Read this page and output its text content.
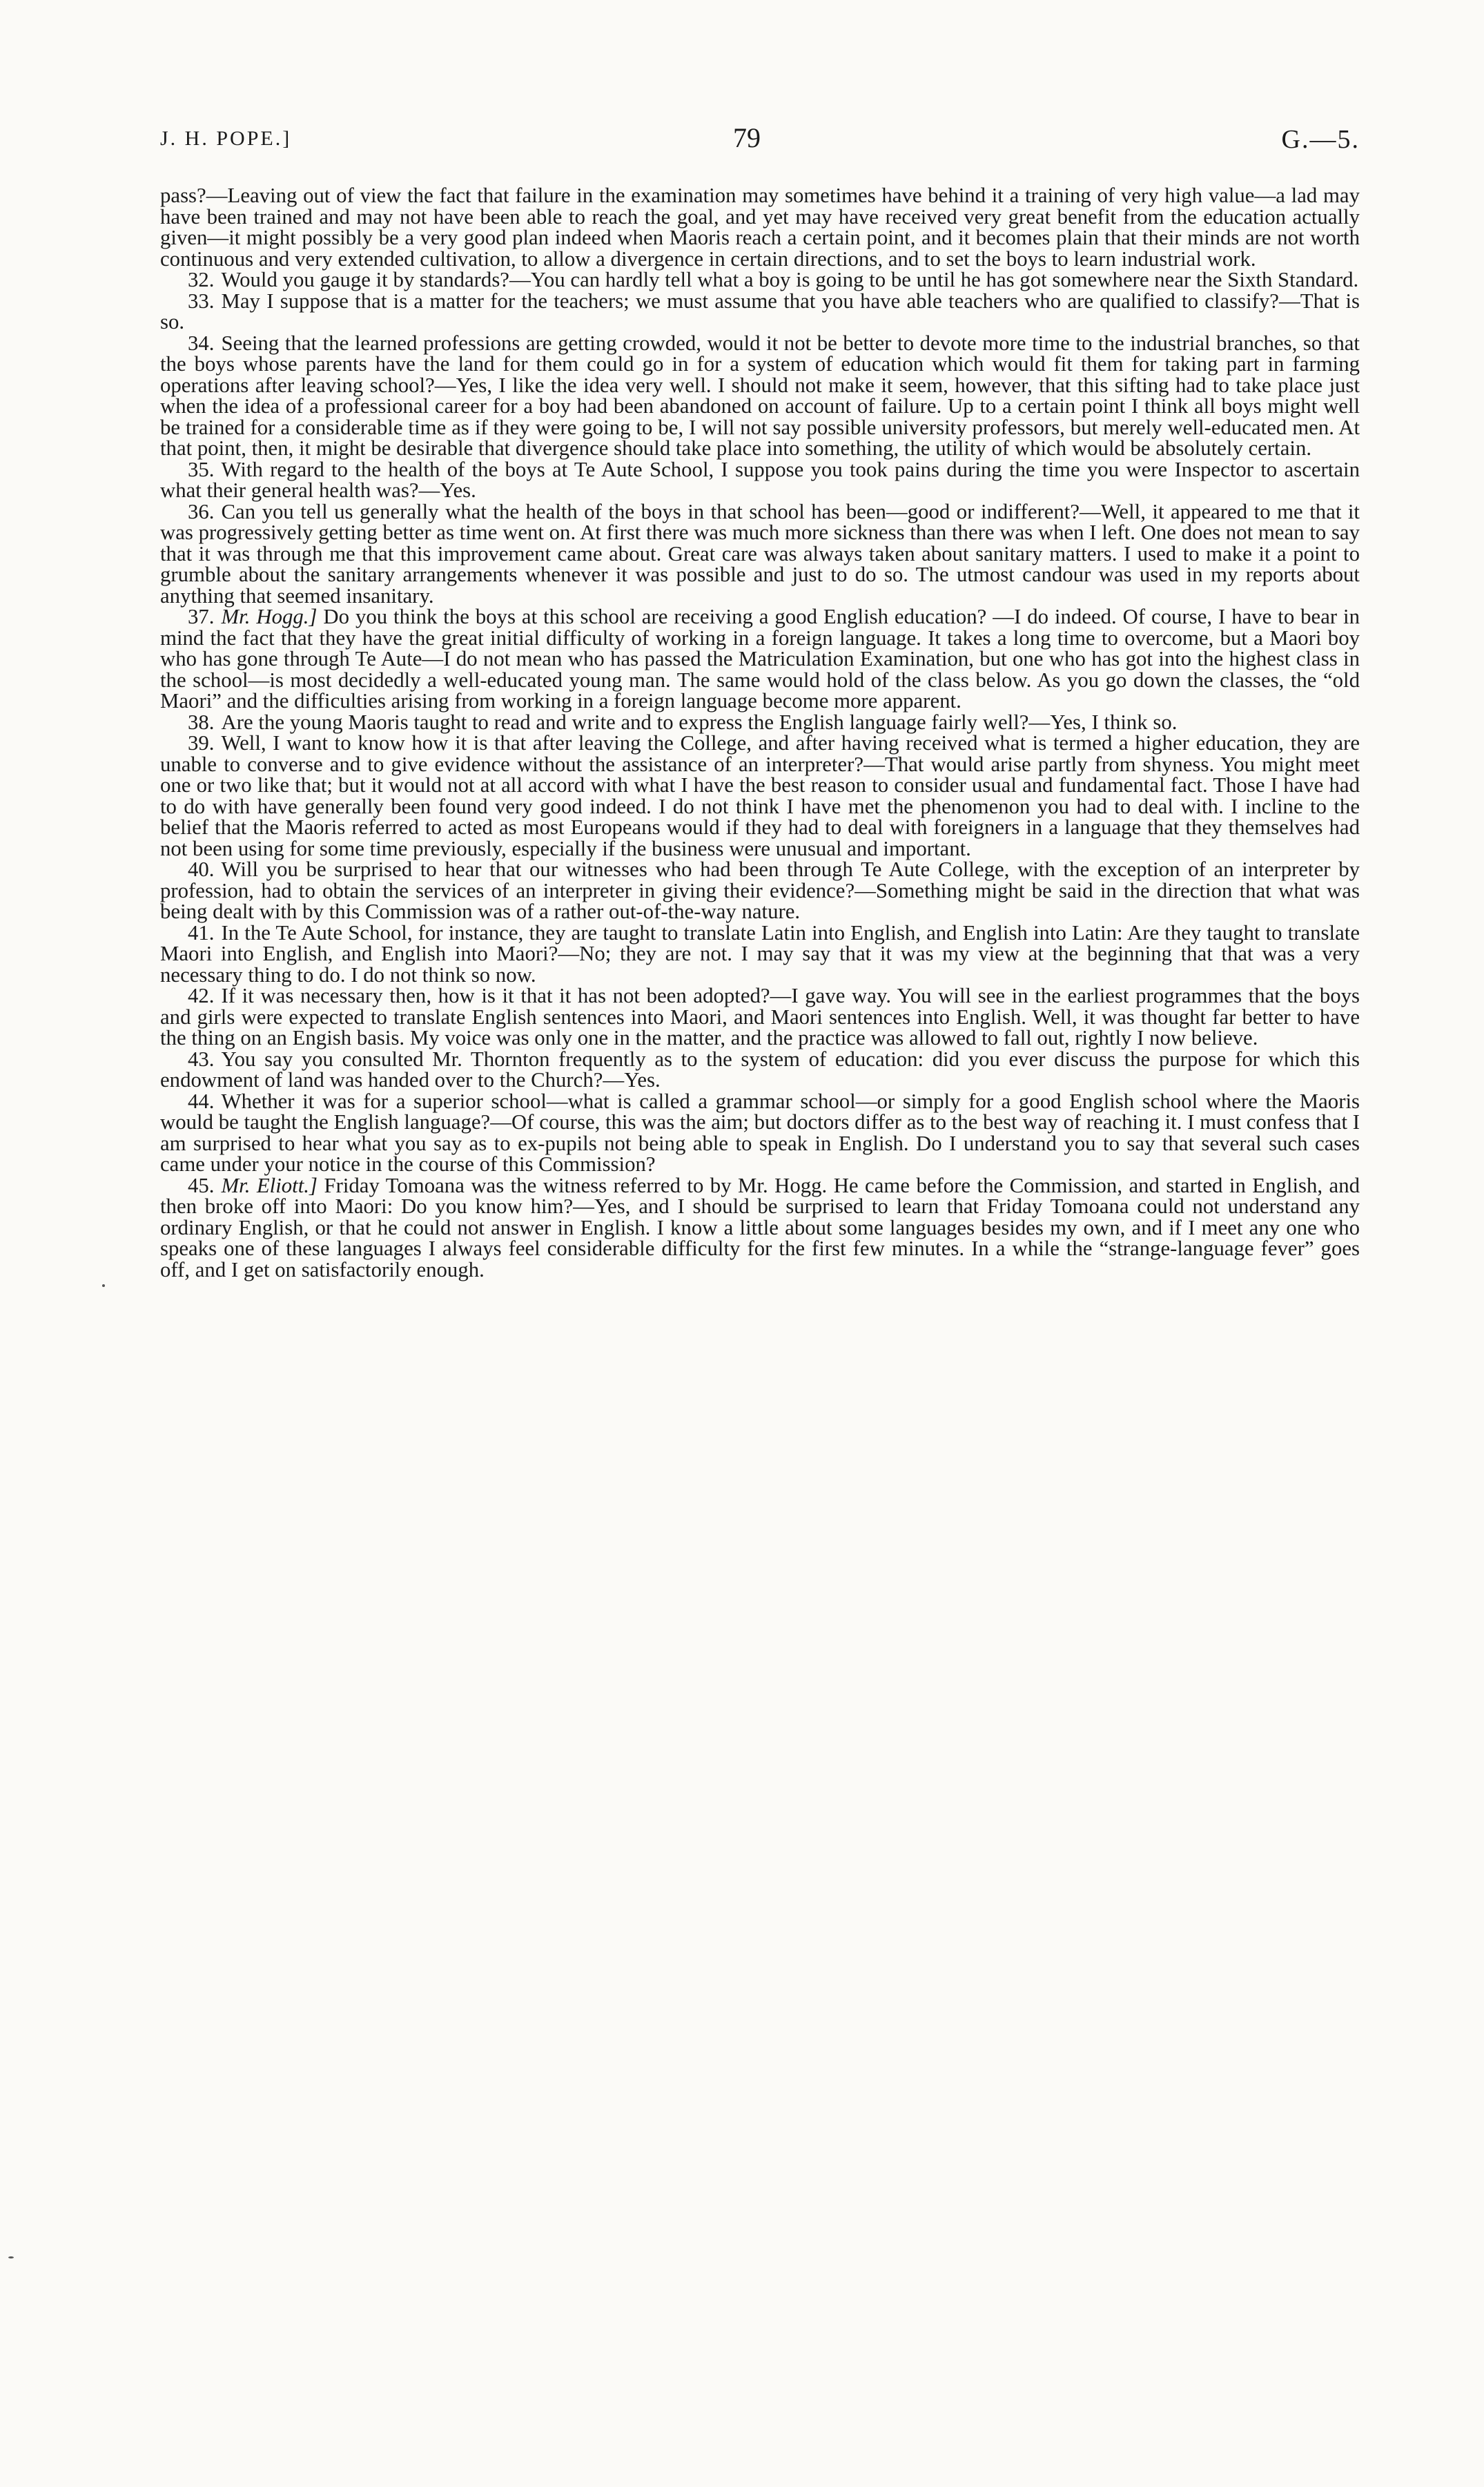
J. H. POPE.]	79	G.—5.

pass?—Leaving out of view the fact that failure in the examination may sometimes have behind it a training of very high value—a lad may have been trained and may not have been able to reach the goal, and yet may have received very great benefit from the education actually given—it might possibly be a very good plan indeed when Maoris reach a certain point, and it becomes plain that their minds are not worth continuous and very extended cultivation, to allow a divergence in certain directions, and to set the boys to learn industrial work.

32. Would you gauge it by standards?—You can hardly tell what a boy is going to be until he has got somewhere near the Sixth Standard.

33. May I suppose that is a matter for the teachers; we must assume that you have able teachers who are qualified to classify?—That is so.

34. Seeing that the learned professions are getting crowded, would it not be better to devote more time to the industrial branches, so that the boys whose parents have the land for them could go in for a system of education which would fit them for taking part in farming operations after leaving school?—Yes, I like the idea very well. I should not make it seem, however, that this sifting had to take place just when the idea of a professional career for a boy had been abandoned on account of failure. Up to a certain point I think all boys might well be trained for a considerable time as if they were going to be, I will not say possible university professors, but merely well-educated men. At that point, then, it might be desirable that divergence should take place into something, the utility of which would be absolutely certain.

35. With regard to the health of the boys at Te Aute School, I suppose you took pains during the time you were Inspector to ascertain what their general health was?—Yes.

36. Can you tell us generally what the health of the boys in that school has been—good or indifferent?—Well, it appeared to me that it was progressively getting better as time went on. At first there was much more sickness than there was when I left. One does not mean to say that it was through me that this improvement came about. Great care was always taken about sanitary matters. I used to make it a point to grumble about the sanitary arrangements whenever it was possible and just to do so. The utmost candour was used in my reports about anything that seemed insanitary.

37. Mr. Hogg.] Do you think the boys at this school are receiving a good English education? —I do indeed. Of course, I have to bear in mind the fact that they have the great initial difficulty of working in a foreign language. It takes a long time to overcome, but a Maori boy who has gone through Te Aute—I do not mean who has passed the Matriculation Examination, but one who has got into the highest class in the school—is most decidedly a well-educated young man. The same would hold of the class below. As you go down the classes, the “old Maori” and the difficulties arising from working in a foreign language become more apparent.

38. Are the young Maoris taught to read and write and to express the English language fairly well?—Yes, I think so.

39. Well, I want to know how it is that after leaving the College, and after having received what is termed a higher education, they are unable to converse and to give evidence without the assistance of an interpreter?—That would arise partly from shyness. You might meet one or two like that; but it would not at all accord with what I have the best reason to consider usual and fundamental fact. Those I have had to do with have generally been found very good indeed. I do not think I have met the phenomenon you had to deal with. I incline to the belief that the Maoris referred to acted as most Europeans would if they had to deal with foreigners in a language that they themselves had not been using for some time previously, especially if the business were unusual and important.

40. Will you be surprised to hear that our witnesses who had been through Te Aute College, with the exception of an interpreter by profession, had to obtain the services of an interpreter in giving their evidence?—Something might be said in the direction that what was being dealt with by this Commission was of a rather out-of-the-way nature.

41. In the Te Aute School, for instance, they are taught to translate Latin into English, and English into Latin: Are they taught to translate Maori into English, and English into Maori?—No; they are not. I may say that it was my view at the beginning that that was a very necessary thing to do. I do not think so now.

42. If it was necessary then, how is it that it has not been adopted?—I gave way. You will see in the earliest programmes that the boys and girls were expected to translate English sentences into Maori, and Maori sentences into English. Well, it was thought far better to have the thing on an Engish basis. My voice was only one in the matter, and the practice was allowed to fall out, rightly I now believe.

43. You say you consulted Mr. Thornton frequently as to the system of education: did you ever discuss the purpose for which this endowment of land was handed over to the Church?—Yes.

44. Whether it was for a superior school—what is called a grammar school—or simply for a good English school where the Maoris would be taught the English language?—Of course, this was the aim; but doctors differ as to the best way of reaching it. I must confess that I am surprised to hear what you say as to ex-pupils not being able to speak in English. Do I understand you to say that several such cases came under your notice in the course of this Commission?

45. Mr. Eliott.] Friday Tomoana was the witness referred to by Mr. Hogg. He came before the Commission, and started in English, and then broke off into Maori: Do you know him?—Yes, and I should be surprised to learn that Friday Tomoana could not understand any ordinary English, or that he could not answer in English. I know a little about some languages besides my own, and if I meet any one who speaks one of these languages I always feel considerable difficulty for the first few minutes. In a while the “strange-language fever” goes off, and I get on satisfactorily enough.
